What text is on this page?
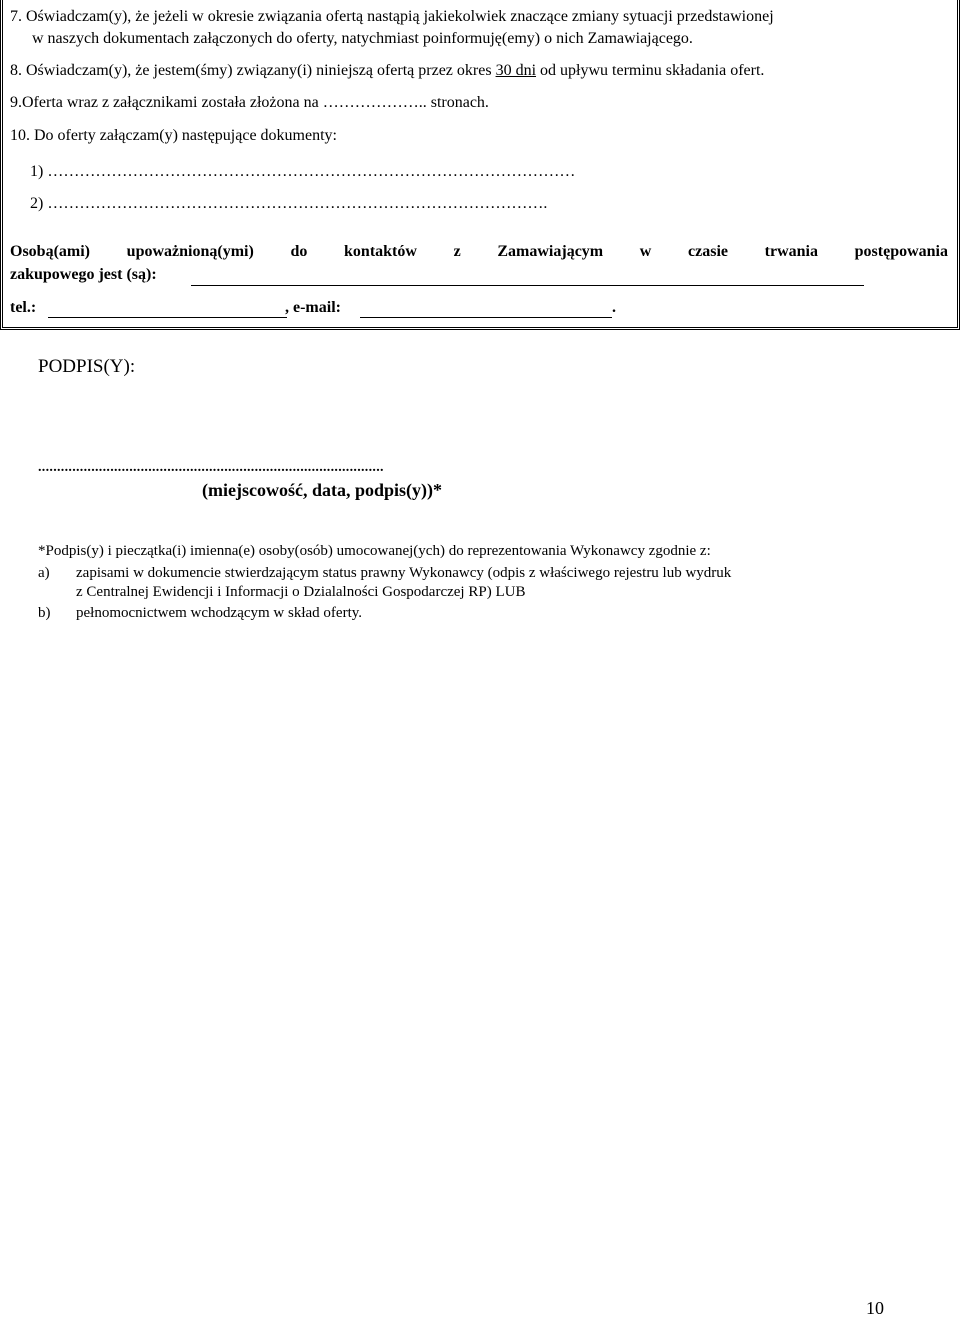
7. Oświadczam(y), że jeżeli w okresie związania ofertą nastąpią jakiekolwiek znaczące zmiany sytuacji przedstawionej
w naszych dokumentach załączonych do oferty, natychmiast poinformuję(emy) o nich Zamawiającego.
8. Oświadczam(y), że jestem(śmy) związany(i) niniejszą ofertą przez okres 30 dni od upływu terminu składania ofert.
9.Oferta wraz z załącznikami została złożona na ……………….. stronach.
10. Do oferty załączam(y) następujące dokumenty:
1) ………………………………………………………………………………………
2) ………………………………………………………………………………….
Osobą(ami) upoważnioną(ymi) do kontaktów z Zamawiającym w czasie trwania postępowania
zakupowego jest (są):
tel.:	, e-mail:	.
PODPIS(Y):
...........................................................................................
(miejscowość, data, podpis(y))*
*Podpis(y) i pieczątka(i) imienna(e) osoby(osób) umocowanej(ych) do reprezentowania Wykonawcy zgodnie z:
a) zapisami w dokumencie stwierdzającym status prawny Wykonawcy (odpis z właściwego rejestru lub wydruk
z Centralnej Ewidencji i Informacji o Dzialalności Gospodarczej RP) LUB
b) pełnomocnictwem wchodzącym w skład oferty.
10
